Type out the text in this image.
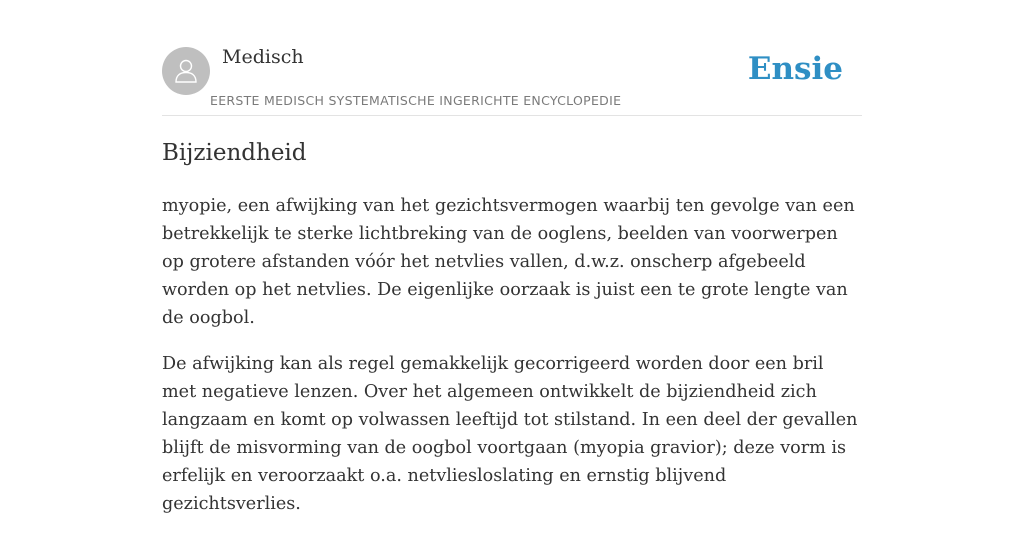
Medisch
EERSTE MEDISCH SYSTEMATISCHE INGERICHTE ENCYCLOPEDIE
Ensie
Bijziendheid

myopie, een afwijking van het gezichtsvermogen waarbij ten gevolge van een betrekkelijk te sterke lichtbreking van de ooglens, beelden van voorwerpen op grotere afstanden vóór het netvlies vallen, d.w.z. onscherp afgebeeld worden op het netvlies. De eigenlijke oorzaak is juist een te grote lengte van de oogbol.

De afwijking kan als regel gemakkelijk gecorrigeerd worden door een bril met negatieve lenzen. Over het algemeen ontwikkelt de bijziendheid zich langzaam en komt op volwassen leeftijd tot stilstand. In een deel der gevallen blijft de misvorming van de oogbol voortgaan (myopia gravior); deze vorm is erfelijk en veroorzaakt o.a. netvliesloslating en ernstig blijvend gezichtsverlies.
